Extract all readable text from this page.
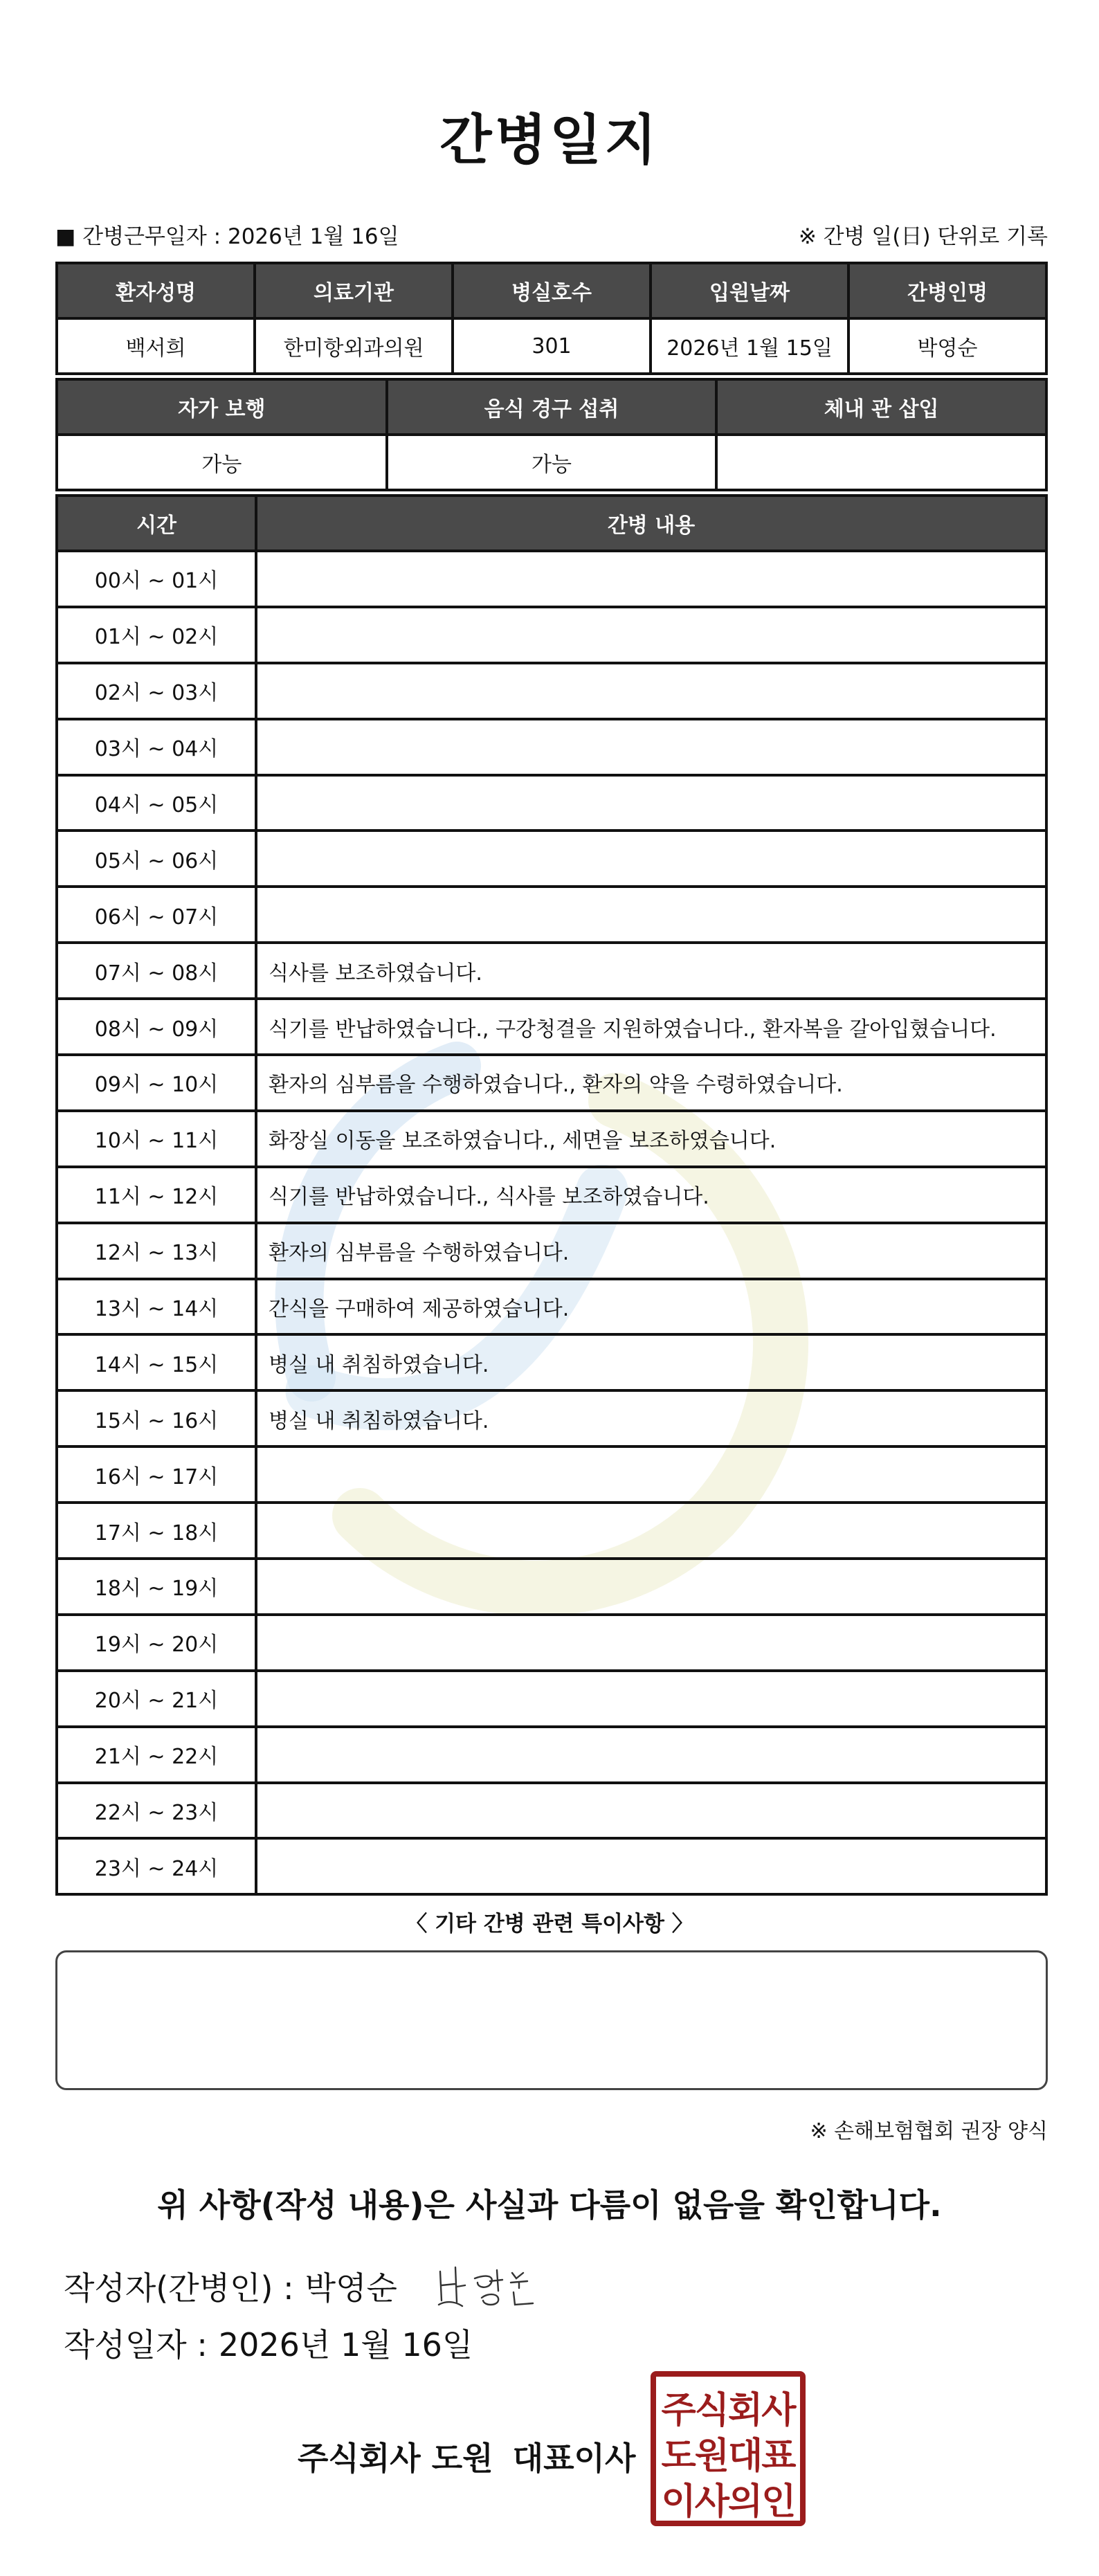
간병일지
■ 간병근무일자 : 2026년 1월 16일	※ 간병 일(日) 단위로 기록
환자성명	의료기관	병실호수	입원날짜	간병인명
백서희	한미항외과의원	301	2026년 1월 15일	박영순
자가 보행	음식 경구 섭취	체내 관 삽입
가능	가능	
시간	간병 내용
00시 ~ 01시	
01시 ~ 02시	
02시 ~ 03시	
03시 ~ 04시	
04시 ~ 05시	
05시 ~ 06시	
06시 ~ 07시	
07시 ~ 08시	식사를 보조하였습니다.
08시 ~ 09시	식기를 반납하였습니다., 구강청결을 지원하였습니다., 환자복을 갈아입혔습니다.
09시 ~ 10시	환자의 심부름을 수행하였습니다., 환자의 약을 수령하였습니다.
10시 ~ 11시	화장실 이동을 보조하였습니다., 세면을 보조하였습니다.
11시 ~ 12시	식기를 반납하였습니다., 식사를 보조하였습니다.
12시 ~ 13시	환자의 심부름을 수행하였습니다.
13시 ~ 14시	간식을 구매하여 제공하였습니다.
14시 ~ 15시	병실 내 취침하였습니다.
15시 ~ 16시	병실 내 취침하였습니다.
16시 ~ 17시	
17시 ~ 18시	
18시 ~ 19시	
19시 ~ 20시	
20시 ~ 21시	
21시 ~ 22시	
22시 ~ 23시	
23시 ~ 24시	
〈 기타 간병 관련 특이사항 〉
※ 손해보험협회 권장 양식
위 사항(작성 내용)은 사실과 다름이 없음을 확인합니다.
작성자(간병인) : 박영순
작성일자 : 2026년 1월 16일
주식회사 도원 대표이사
주식회사
도원대표
이사의인
